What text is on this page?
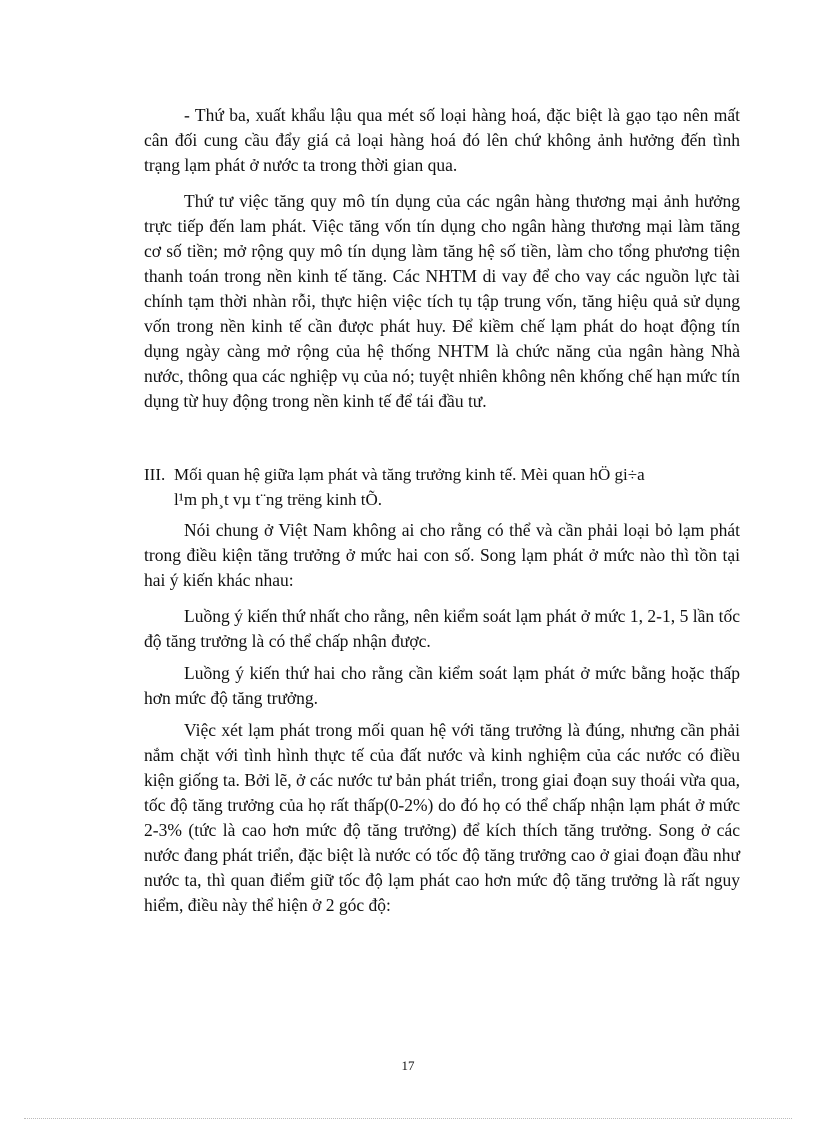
- Thứ ba, xuất khẩu lậu qua mét số loại hàng hoá, đặc biệt là gạo tạo nên mất cân đối cung cầu đẩy giá cả loại hàng hoá đó lên chứ không ảnh hưởng đến tình trạng lạm phát ở nước ta trong thời gian qua.

Thứ tư việc tăng quy mô tín dụng của các ngân hàng thương mại ảnh hưởng trực tiếp đến lam phát. Việc tăng vốn tín dụng cho ngân hàng thương mại làm tăng cơ số tiền; mở rộng quy mô tín dụng làm tăng hệ số tiền, làm cho tổng phương tiện thanh toán trong nền kinh tế tăng. Các NHTM di vay để cho vay các nguồn lực tài chính tạm thời nhàn rỗi, thực hiện việc tích tụ tập trung vốn, tăng hiệu quả sử dụng vốn trong nền kinh tế cần được phát huy. Để kiềm chế lạm phát do hoạt động tín dụng ngày càng mở rộng của hệ thống NHTM là chức năng của ngân hàng Nhà nước, thông qua các nghiệp vụ của nó; tuyệt nhiên không nên khống chế hạn mức tín dụng từ huy động trong nền kinh tế để tái đầu tư.

III. Mối quan hệ giữa lạm phát và tăng trưởng kinh tế. Mèi quan hÖ gi÷a
l¹m ph¸t vµ t¨ng trëng kinh tÕ.

Nói chung ở Việt Nam không ai cho rằng có thể và cần phải loại bỏ lạm phát trong điều kiện tăng trưởng ở mức hai con số. Song lạm phát ở mức nào thì tồn tại hai ý kiến khác nhau:

Luồng ý kiến thứ nhất cho rằng, nên kiểm soát lạm phát ở mức 1, 2-1, 5 lần tốc độ tăng trưởng là có thể chấp nhận được.

Luồng ý kiến thứ hai cho rằng cần kiểm soát lạm phát ở mức bằng hoặc thấp hơn mức độ tăng trưởng.

Việc xét lạm phát trong mối quan hệ với tăng trưởng là đúng, nhưng cần phải nắm chặt với tình hình thực tế của đất nước và kinh nghiệm của các nước có điều kiện giống ta. Bởi lẽ, ở các nước tư bản phát triển, trong giai đoạn suy thoái vừa qua, tốc độ tăng trưởng của họ rất thấp(0-2%) do đó họ có thể chấp nhận lạm phát ở mức 2-3% (tức là cao hơn mức độ tăng trưởng) để kích thích tăng trưởng. Song ở các nước đang phát triển, đặc biệt là nước có tốc độ tăng trưởng cao ở giai đoạn đầu như nước ta, thì quan điểm giữ tốc độ lạm phát cao hơn mức độ tăng trưởng là rất nguy hiểm, điều này thể hiện ở 2 góc độ:

17
